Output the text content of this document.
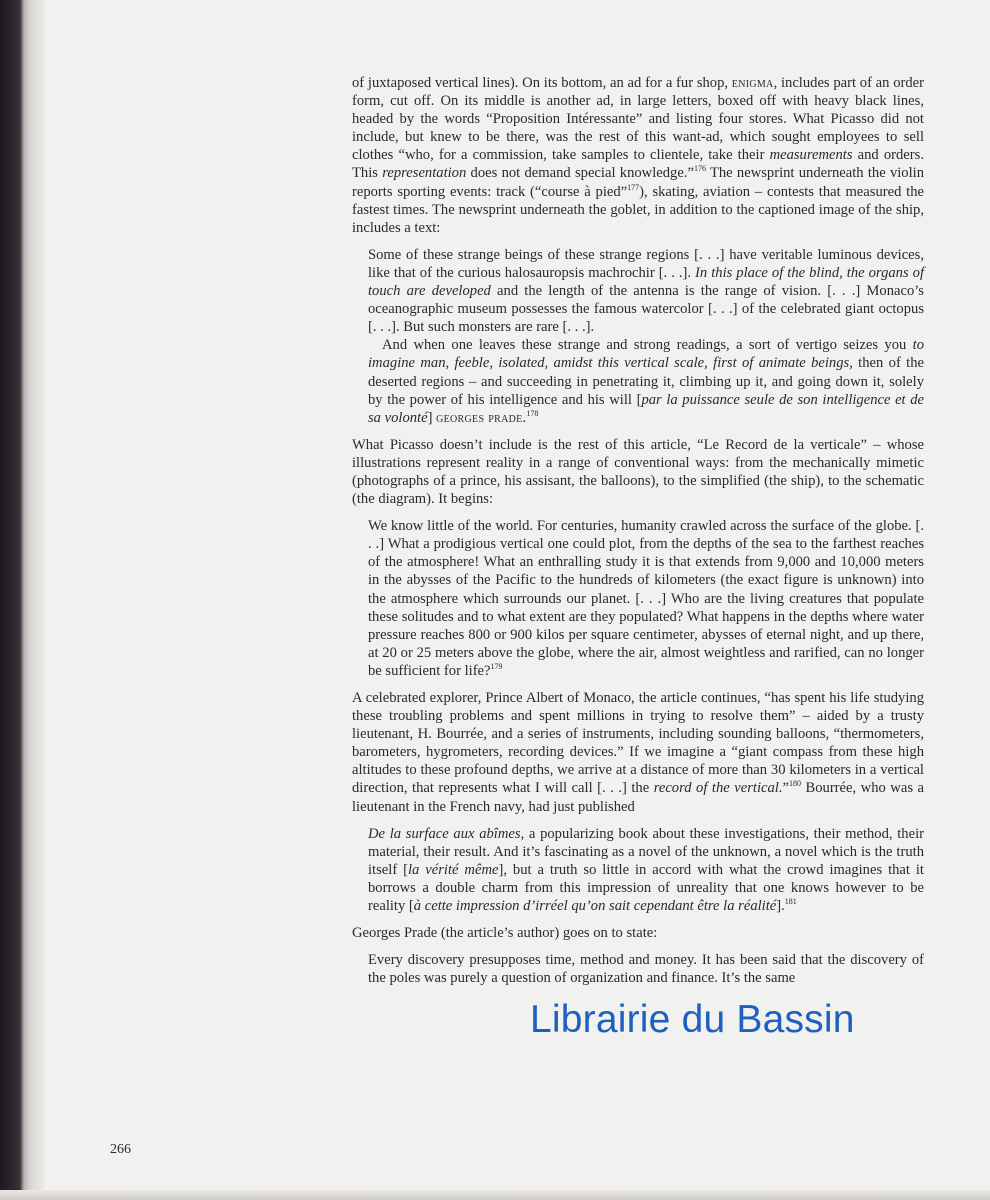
of juxtaposed vertical lines). On its bottom, an ad for a fur shop, enigma, includes part of an order form, cut off. On its middle is another ad, in large letters, boxed off with heavy black lines, headed by the words “Proposition Intéressante” and listing four stores. What Picasso did not include, but knew to be there, was the rest of this want-ad, which sought employees to sell clothes “who, for a commission, take samples to clientele, take their measurements and orders. This representation does not demand special knowledge.”$^{176}$ The newsprint underneath the violin reports sporting events: track (“course à pied”$^{177}$), skating, aviation – contests that measured the fastest times. The newsprint underneath the goblet, in addition to the captioned image of the ship, includes a text:

Some of these strange beings of these strange regions [. . .] have veritable luminous devices, like that of the curious halosauropsis machrochir [. . .]. In this place of the blind, the organs of touch are developed and the length of the antenna is the range of vision. [. . .] Monaco’s oceanographic museum possesses the famous watercolor [. . .] of the celebrated giant octopus [. . .]. But such monsters are rare [. . .].

And when one leaves these strange and strong readings, a sort of vertigo seizes you to imagine man, feeble, isolated, amidst this vertical scale, first of animate beings, then of the deserted regions – and succeeding in penetrating it, climbing up it, and going down it, solely by the power of his intelligence and his will [par la puissance seule de son intelligence et de sa volonté] georges prade.$^{178}$

What Picasso doesn’t include is the rest of this article, “Le Record de la verticale” – whose illustrations represent reality in a range of conventional ways: from the mechanically mimetic (photographs of a prince, his assisant, the balloons), to the simplified (the ship), to the schematic (the diagram). It begins:

We know little of the world. For centuries, humanity crawled across the surface of the globe. [. . .] What a prodigious vertical one could plot, from the depths of the sea to the farthest reaches of the atmosphere! What an enthralling study it is that extends from 9,000 and 10,000 meters in the abysses of the Pacific to the hundreds of kilometers (the exact figure is unknown) into the atmosphere which surrounds our planet. [. . .] Who are the living creatures that populate these solitudes and to what extent are they populated? What happens in the depths where water pressure reaches 800 or 900 kilos per square centimeter, abysses of eternal night, and up there, at 20 or 25 meters above the globe, where the air, almost weightless and rarified, can no longer be sufficient for life?$^{179}$

A celebrated explorer, Prince Albert of Monaco, the article continues, “has spent his life studying these troubling problems and spent millions in trying to resolve them” – aided by a trusty lieutenant, H. Bourrée, and a series of instruments, including sounding balloons, “thermometers, barometers, hygrometers, recording devices.” If we imagine a “giant compass from these high altitudes to these profound depths, we arrive at a distance of more than 30 kilometers in a vertical direction, that represents what I will call [. . .] the record of the vertical.”$^{180}$ Bourrée, who was a lieutenant in the French navy, had just published

De la surface aux abîmes, a popularizing book about these investigations, their method, their material, their result. And it’s fascinating as a novel of the unknown, a novel which is the truth itself [la vérité même], but a truth so little in accord with what the crowd imagines that it borrows a double charm from this impression of unreality that one knows however to be reality [à cette impression d’irréel qu’on sait cependant être la réalité].$^{181}$

Georges Prade (the article’s author) goes on to state:

Every discovery presupposes time, method and money. It has been said that the discovery of the poles was purely a question of organization and finance. It’s the same

Librairie du Bassin
266
